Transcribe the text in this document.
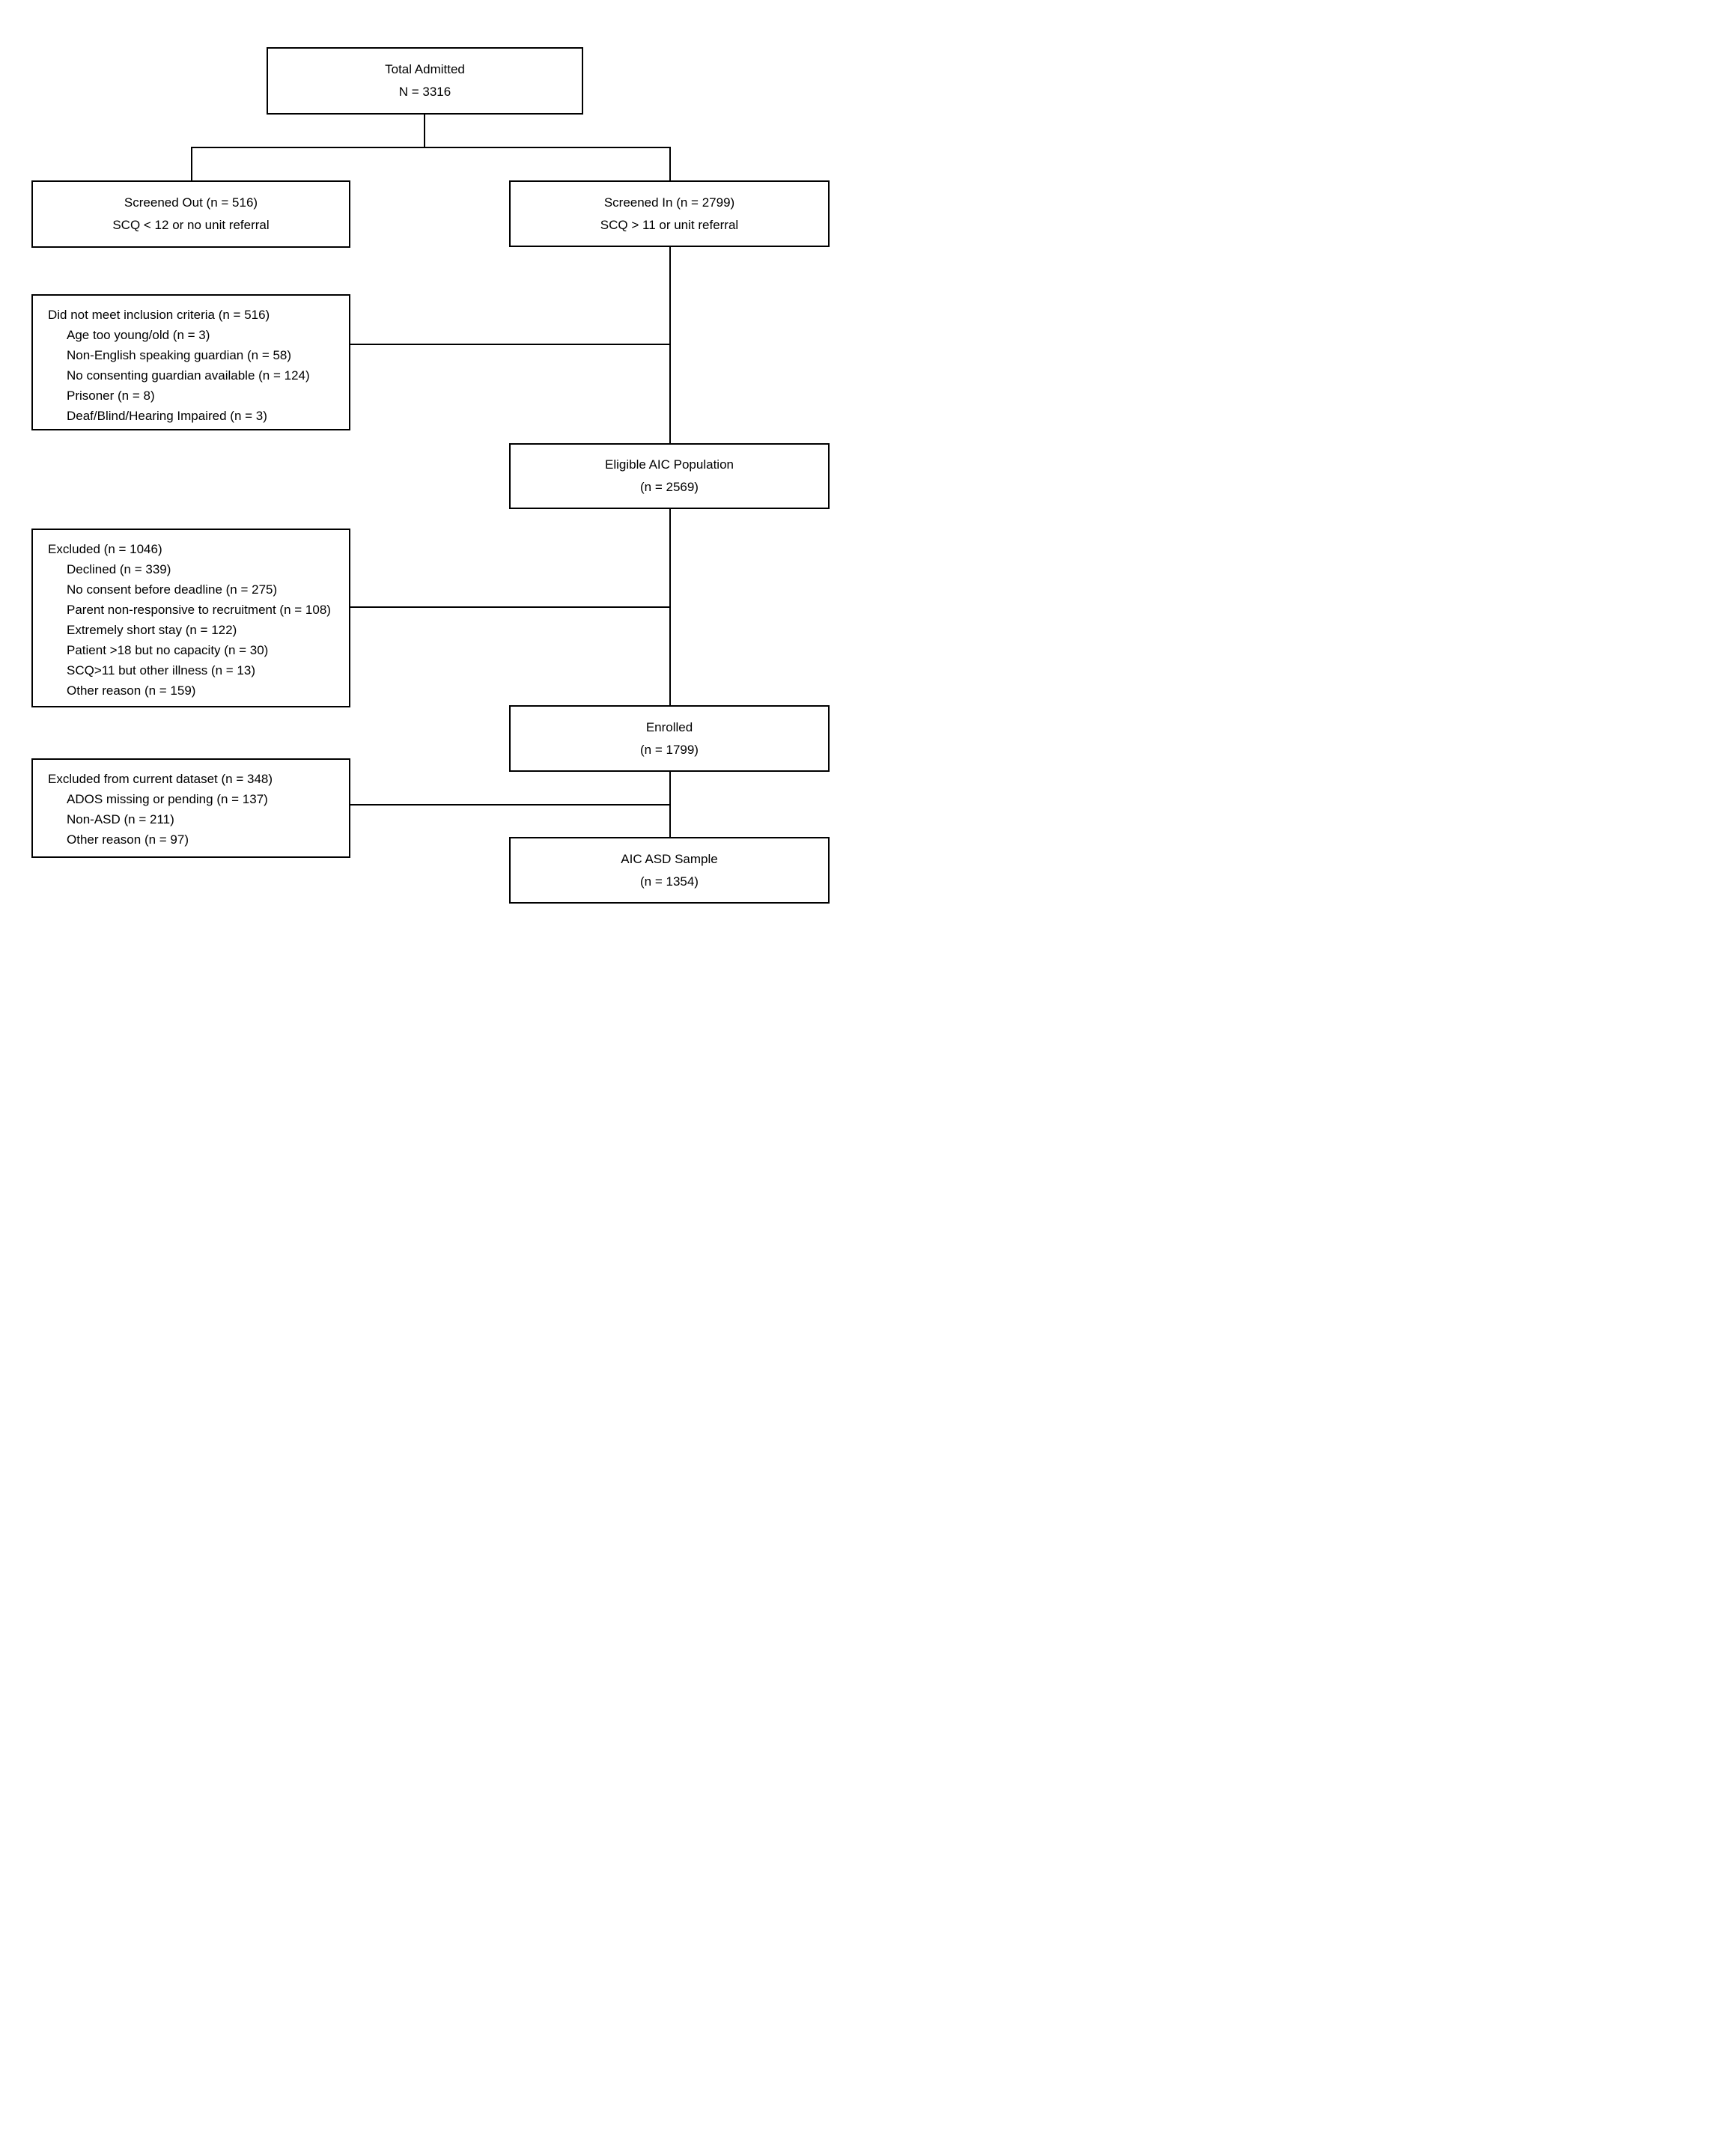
Total Admitted
N = 3316
Screened Out (n = 516)
SCQ < 12 or no unit referral
Screened In (n = 2799)
SCQ > 11 or unit referral
Did not meet inclusion criteria (n = 516)
Age too young/old (n = 3)
Non-English speaking guardian (n = 58)
No consenting guardian available (n = 124)
Prisoner (n = 8)
Deaf/Blind/Hearing Impaired (n = 3)
Eligible AIC Population
(n = 2569)
Excluded (n = 1046)
Declined (n = 339)
No consent before deadline (n = 275)
Parent non-responsive to recruitment (n = 108)
Extremely short stay (n = 122)
Patient >18 but no capacity (n = 30)
SCQ>11 but other illness (n = 13)
Other reason (n = 159)
Enrolled
(n = 1799)
Excluded from current dataset (n = 348)
ADOS missing or pending (n = 137)
Non-ASD (n = 211)
Other reason (n = 97)
AIC ASD Sample
(n = 1354)
